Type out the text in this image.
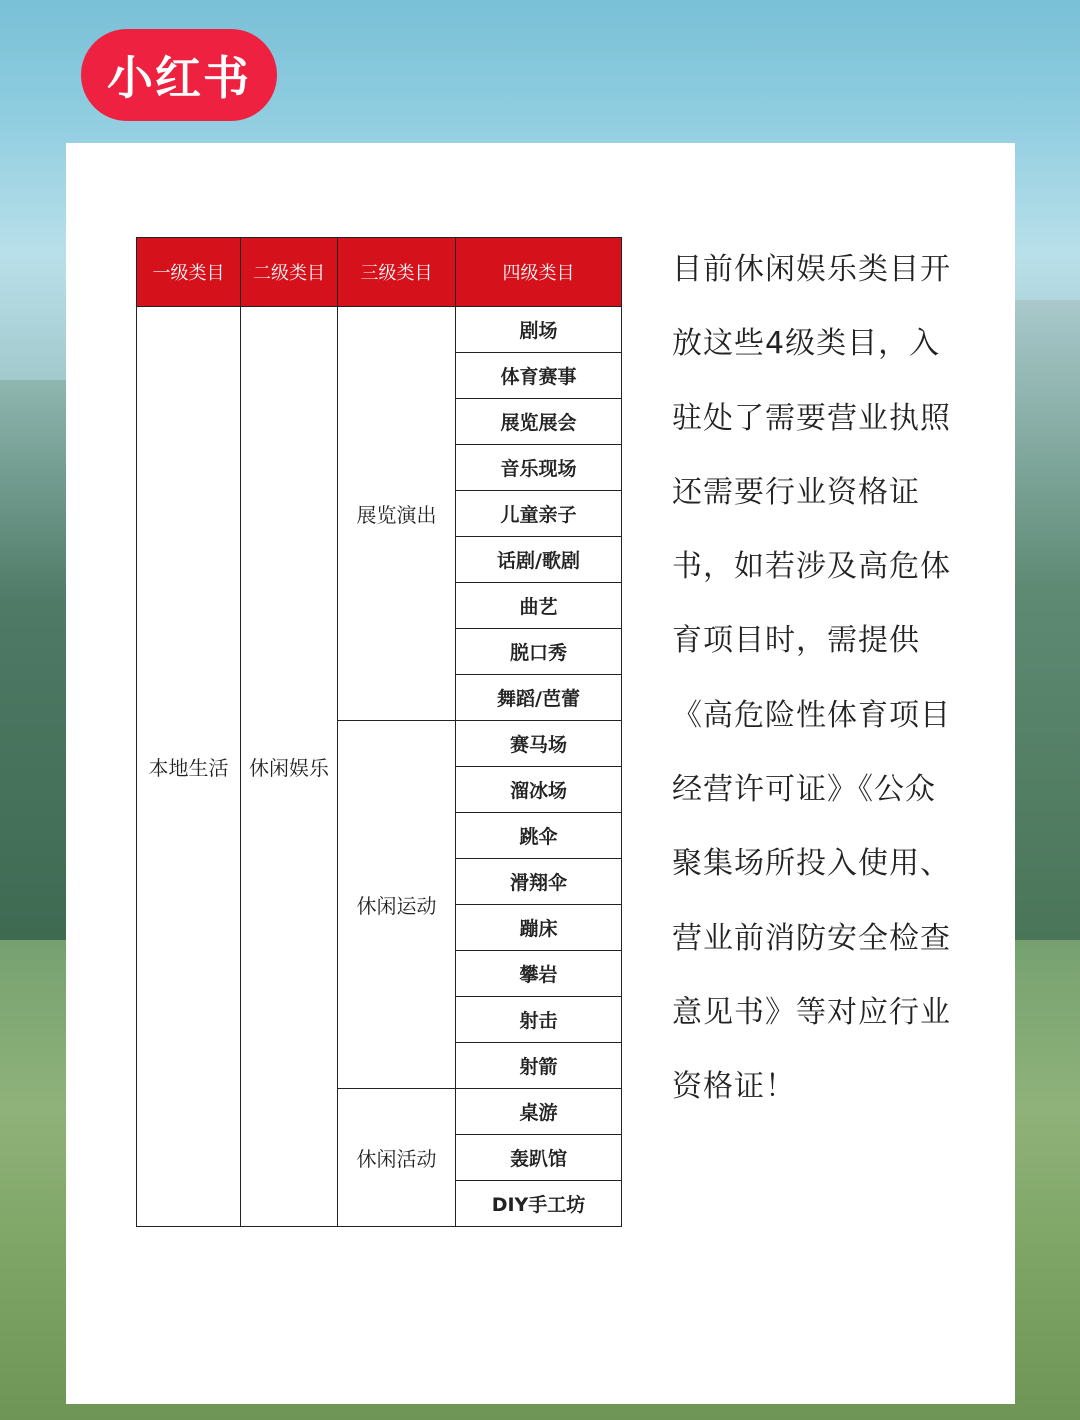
小红书
一级类目	二级类目	三级类目	四级类目
本地生活	休闲娱乐	展览演出	剧场
			体育赛事
			展览展会
			音乐现场
			儿童亲子
			话剧/歌剧
			曲艺
			脱口秀
			舞蹈/芭蕾
		休闲运动	赛马场
			溜冰场
			跳伞
			滑翔伞
			蹦床
			攀岩
			射击
			射箭
		休闲活动	桌游
			轰趴馆
			DIY手工坊

目前休闲娱乐类目开放这些4级类目，入驻处了需要营业执照还需要行业资格证书，如若涉及高危体育项目时，需提供《高危险性体育项目经营许可证》《公众聚集场所投入使用、营业前消防安全检查意见书》等对应行业资格证！
